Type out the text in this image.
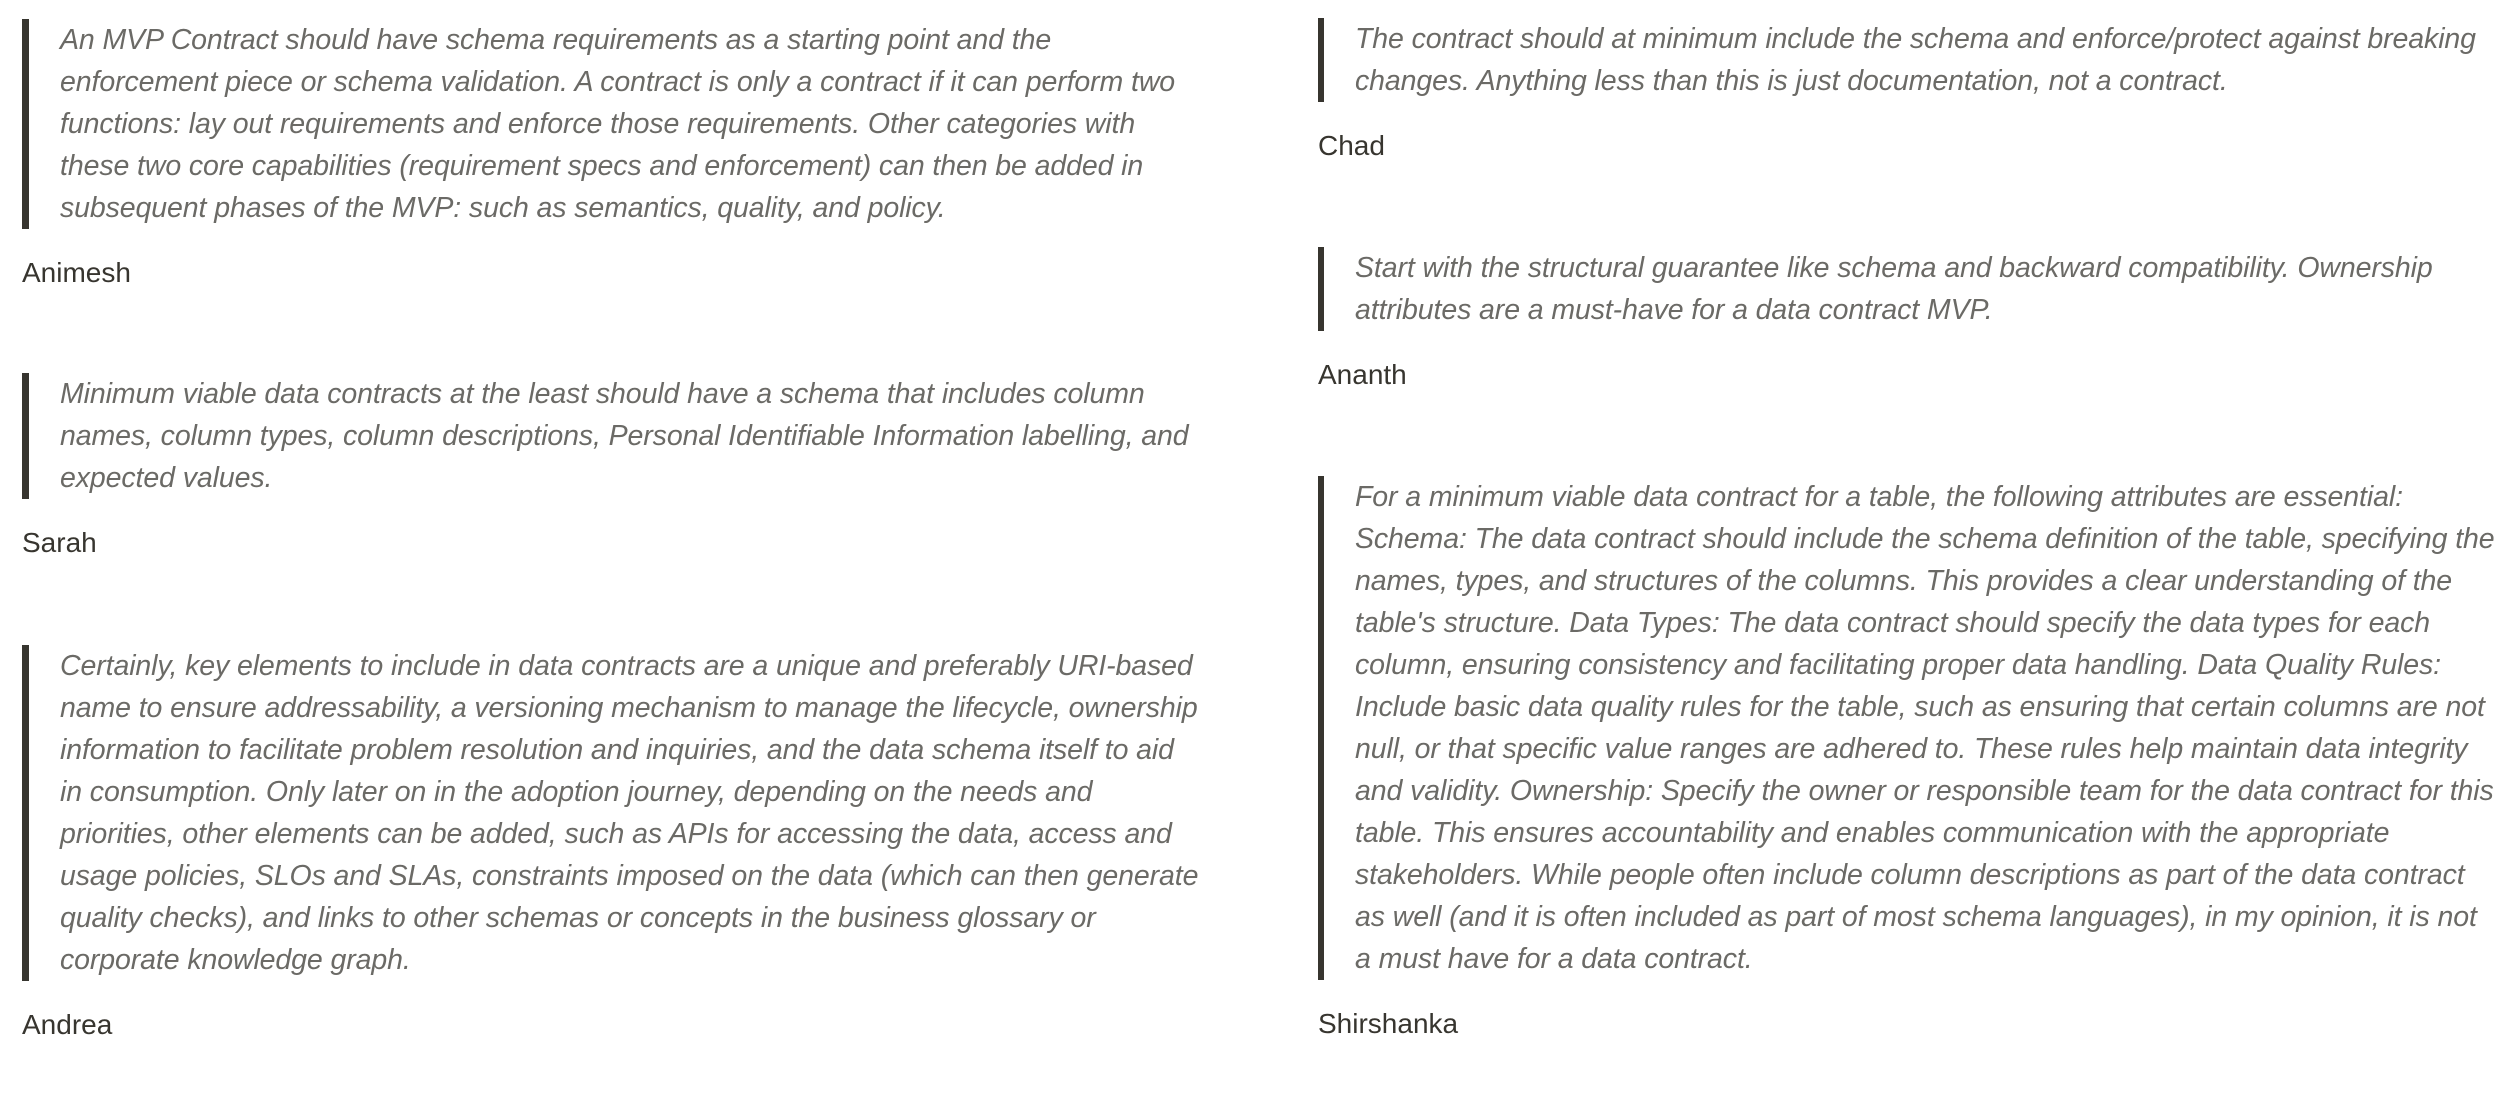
An MVP Contract should have schema requirements as a starting point and the enforcement piece or schema validation. A contract is only a contract if it can perform two functions: lay out requirements and enforce those requirements. Other categories with these two core capabilities (requirement specs and enforcement) can then be added in subsequent phases of the MVP: such as semantics, quality, and policy.
Animesh
Minimum viable data contracts at the least should have a schema that includes column names, column types, column descriptions, Personal Identifiable Information labelling, and expected values.
Sarah
Certainly, key elements to include in data contracts are a unique and preferably URI-based name to ensure addressability, a versioning mechanism to manage the lifecycle, ownership information to facilitate problem resolution and inquiries, and the data schema itself to aid in consumption. Only later on in the adoption journey, depending on the needs and priorities, other elements can be added, such as APIs for accessing the data, access and usage policies, SLOs and SLAs, constraints imposed on the data (which can then generate quality checks), and links to other schemas or concepts in the business glossary or corporate knowledge graph.
Andrea
The contract should at minimum include the schema and enforce/protect against breaking changes. Anything less than this is just documentation, not a contract.
Chad
Start with the structural guarantee like schema and backward compatibility. Ownership attributes are a must-have for a data contract MVP.
Ananth
For a minimum viable data contract for a table, the following attributes are essential: Schema: The data contract should include the schema definition of the table, specifying the names, types, and structures of the columns. This provides a clear understanding of the table's structure. Data Types: The data contract should specify the data types for each column, ensuring consistency and facilitating proper data handling. Data Quality Rules: Include basic data quality rules for the table, such as ensuring that certain columns are not null, or that specific value ranges are adhered to. These rules help maintain data integrity and validity. Ownership: Specify the owner or responsible team for the data contract for this table. This ensures accountability and enables communication with the appropriate stakeholders. While people often include column descriptions as part of the data contract as well (and it is often included as part of most schema languages), in my opinion, it is not a must have for a data contract.
Shirshanka
